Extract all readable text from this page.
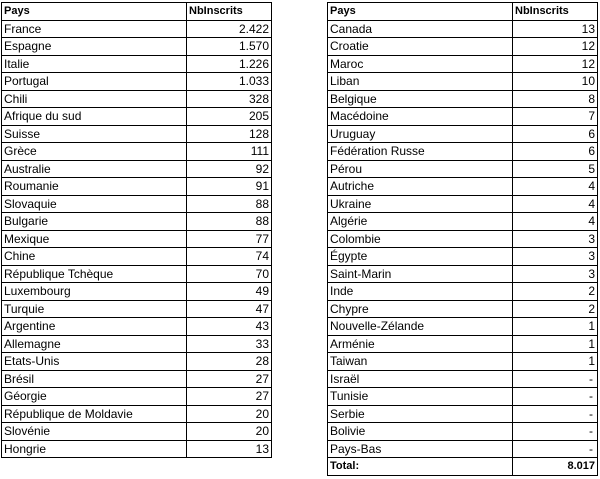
Pays	NbInscrits
France	2.422
Espagne	1.570
Italie	1.226
Portugal	1.033
Chili	328
Afrique du sud	205
Suisse	128
Grèce	111
Australie	92
Roumanie	91
Slovaquie	88
Bulgarie	88
Mexique	77
Chine	74
République Tchèque	70
Luxembourg	49
Turquie	47
Argentine	43
Allemagne	33
Etats-Unis	28
Brésil	27
Géorgie	27
République de Moldavie	20
Slovénie	20
Hongrie	13
Pays	NbInscrits
Canada	13
Croatie	12
Maroc	12
Liban	10
Belgique	8
Macédoine	7
Uruguay	6
Fédération Russe	6
Pérou	5
Autriche	4
Ukraine	4
Algérie	4
Colombie	3
Égypte	3
Saint-Marin	3
Inde	2
Chypre	2
Nouvelle-Zélande	1
Arménie	1
Taiwan	1
Israël	-
Tunisie	-
Serbie	-
Bolivie	-
Pays-Bas	-
Total:	8.017
